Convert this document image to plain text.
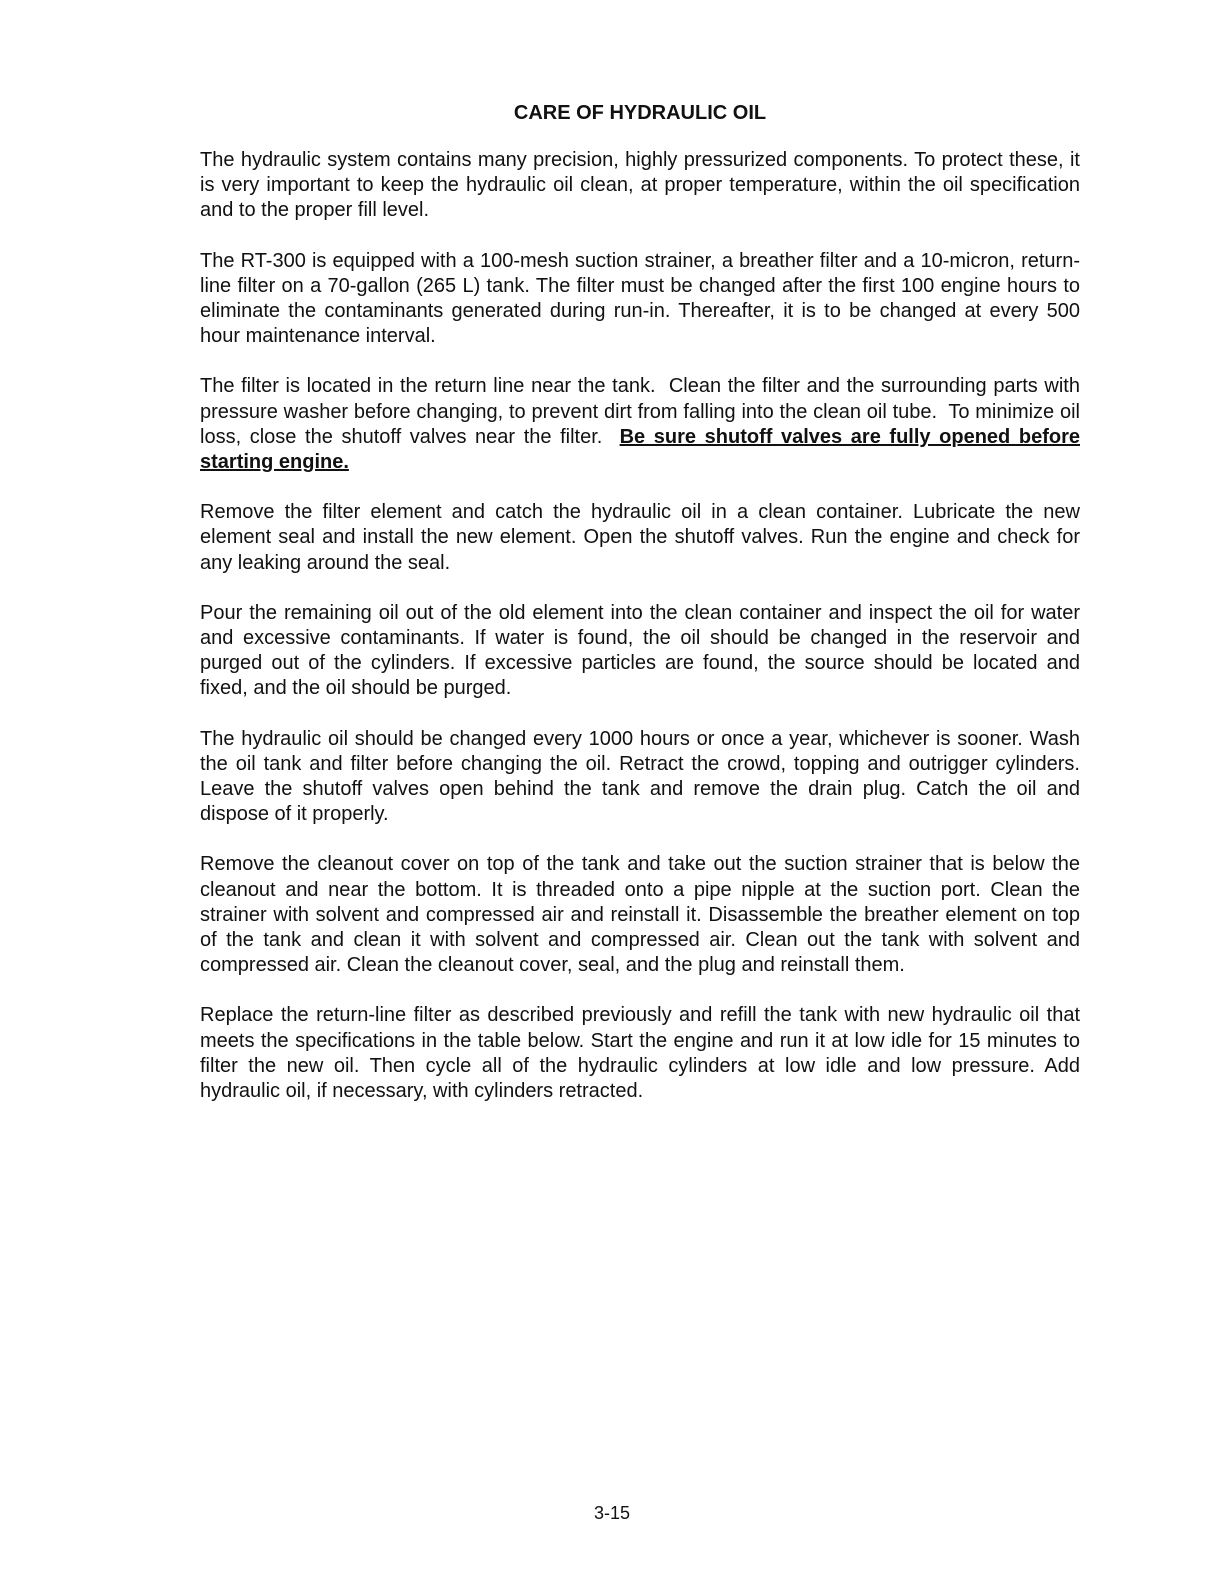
CARE OF HYDRAULIC OIL

The hydraulic system contains many precision, highly pressurized components. To protect these, it is very important to keep the hydraulic oil clean, at proper temperature, within the oil specification and to the proper fill level.

The RT-300 is equipped with a 100-mesh suction strainer, a breather filter and a 10-micron, return-line filter on a 70-gallon (265 L) tank. The filter must be changed after the first 100 engine hours to eliminate the contaminants generated during run-in. Thereafter, it is to be changed at every 500 hour maintenance interval.

The filter is located in the return line near the tank.  Clean the filter and the surrounding parts with pressure washer before changing, to prevent dirt from falling into the clean oil tube.  To minimize oil loss, close the shutoff valves near the filter.  Be sure shutoff valves are fully opened before starting engine.

Remove the filter element and catch the hydraulic oil in a clean container. Lubricate the new element seal and install the new element. Open the shutoff valves. Run the engine and check for any leaking around the seal.

Pour the remaining oil out of the old element into the clean container and inspect the oil for water and excessive contaminants. If water is found, the oil should be changed in the reservoir and purged out of the cylinders. If excessive particles are found, the source should be located and fixed, and the oil should be purged.

The hydraulic oil should be changed every 1000 hours or once a year, whichever is sooner. Wash the oil tank and filter before changing the oil. Retract the crowd, topping and outrigger cylinders. Leave the shutoff valves open behind the tank and remove the drain plug. Catch the oil and dispose of it properly.

Remove the cleanout cover on top of the tank and take out the suction strainer that is below the cleanout and near the bottom. It is threaded onto a pipe nipple at the suction port. Clean the strainer with solvent and compressed air and reinstall it. Disassemble the breather element on top of the tank and clean it with solvent and compressed air. Clean out the tank with solvent and compressed air. Clean the cleanout cover, seal, and the plug and reinstall them.

Replace the return-line filter as described previously and refill the tank with new hydraulic oil that meets the specifications in the table below. Start the engine and run it at low idle for 15 minutes to filter the new oil. Then cycle all of the hydraulic cylinders at low idle and low pressure. Add hydraulic oil, if necessary, with cylinders retracted.

3-15
